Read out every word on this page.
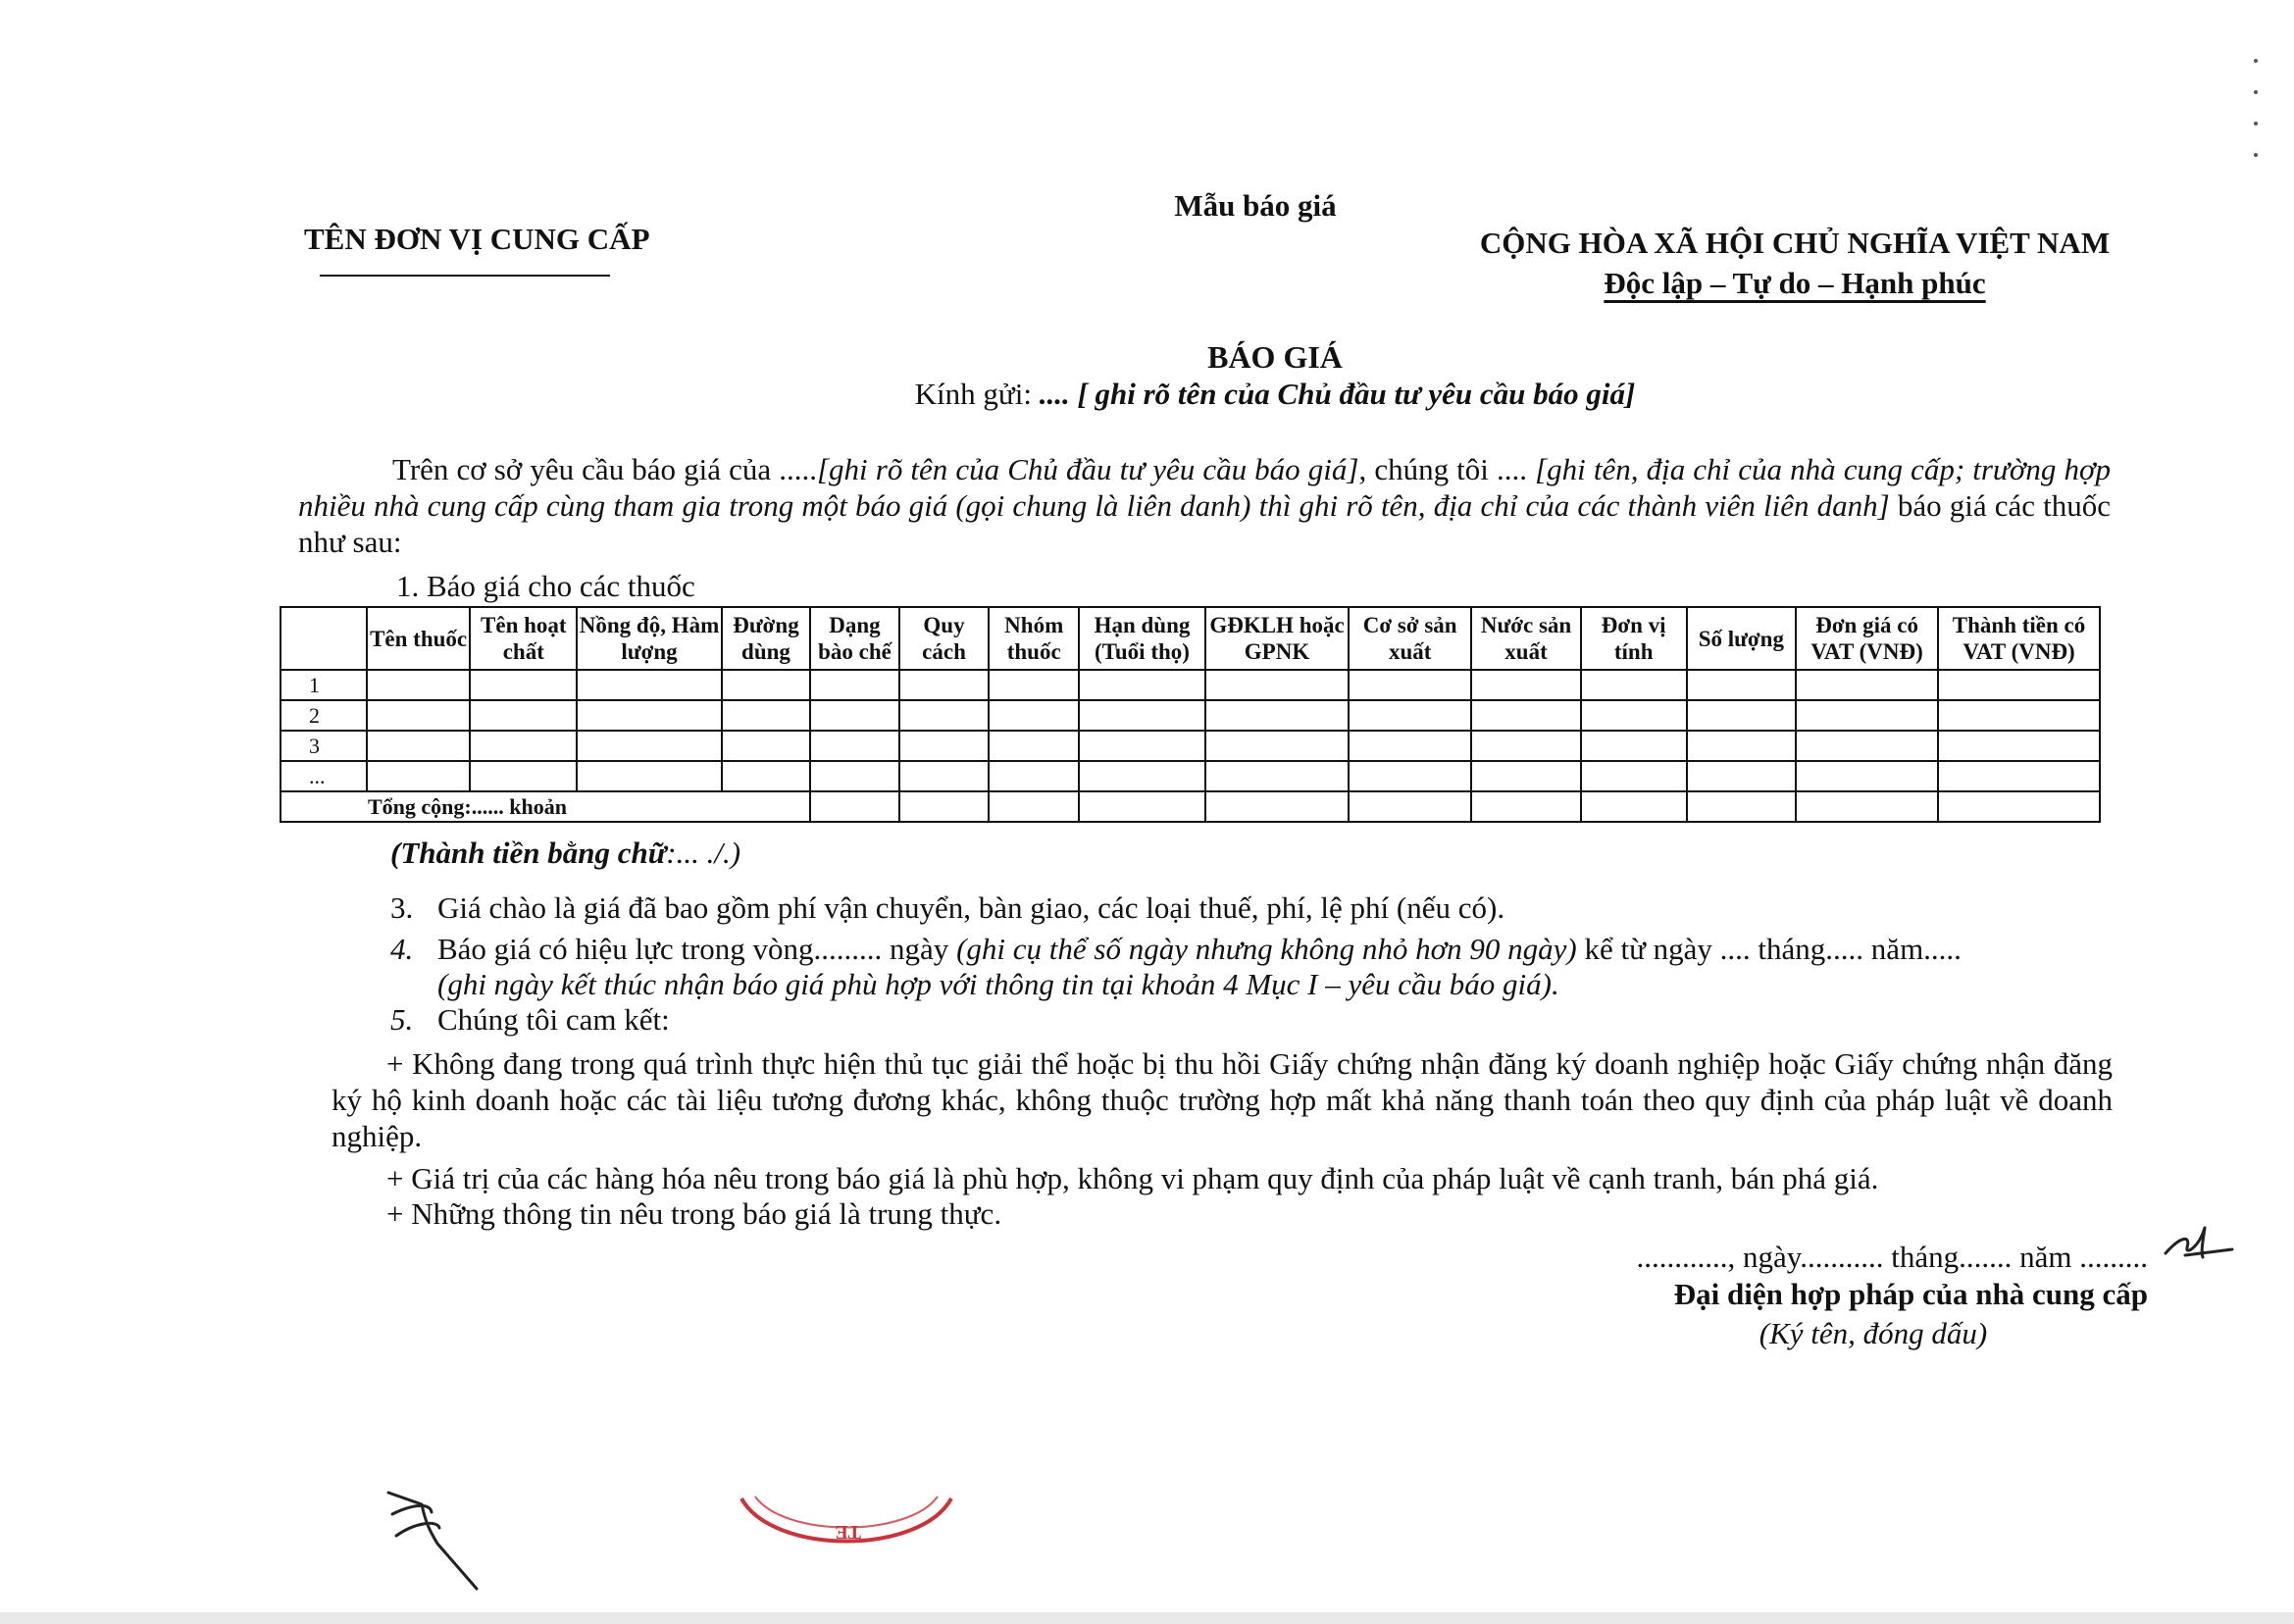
TÊN ĐƠN VỊ CUNG CẤP
Mẫu báo giá
CỘNG HÒA XÃ HỘI CHỦ NGHĨA VIỆT NAM
Độc lập – Tự do – Hạnh phúc
BÁO GIÁ
Kính gửi: .... [ ghi rõ tên của Chủ đầu tư yêu cầu báo giá]
Trên cơ sở yêu cầu báo giá của .....[ghi rõ tên của Chủ đầu tư yêu cầu báo giá], chúng tôi .... [ghi tên, địa chỉ của nhà cung cấp; trường hợp nhiều nhà cung cấp cùng tham gia trong một báo giá (gọi chung là liên danh) thì ghi rõ tên, địa chỉ của các thành viên liên danh] báo giá các thuốc như sau:
1. Báo giá cho các thuốc
	Tên thuốc	Tên hoạt chất	Nồng độ, Hàm lượng	Đường dùng	Dạng bào chế	Quy cách	Nhóm thuốc	Hạn dùng (Tuổi thọ)	GĐKLH hoặc GPNK	Cơ sở sản xuất	Nước sản xuất	Đơn vị tính	Số lượng	Đơn giá có VAT (VNĐ)	Thành tiền có VAT (VNĐ)
1															
2															
3															
...															
Tổng cộng:...... khoản															
(Thành tiền bằng chữ:... ./.)
3. Giá chào là giá đã bao gồm phí vận chuyển, bàn giao, các loại thuế, phí, lệ phí (nếu có).
4. Báo giá có hiệu lực trong vòng......... ngày (ghi cụ thể số ngày nhưng không nhỏ hơn 90 ngày) kể từ ngày .... tháng..... năm.....
(ghi ngày kết thúc nhận báo giá phù hợp với thông tin tại khoản 4 Mục I – yêu cầu báo giá).
5. Chúng tôi cam kết:
+ Không đang trong quá trình thực hiện thủ tục giải thể hoặc bị thu hồi Giấy chứng nhận đăng ký doanh nghiệp hoặc Giấy chứng nhận đăng ký hộ kinh doanh hoặc các tài liệu tương đương khác, không thuộc trường hợp mất khả năng thanh toán theo quy định của pháp luật về doanh nghiệp.
+ Giá trị của các hàng hóa nêu trong báo giá là phù hợp, không vi phạm quy định của pháp luật về cạnh tranh, bán phá giá.
+ Những thông tin nêu trong báo giá là trung thực.
............, ngày........... tháng....... năm .........
Đại diện hợp pháp của nhà cung cấp
(Ký tên, đóng dấu)
TE
